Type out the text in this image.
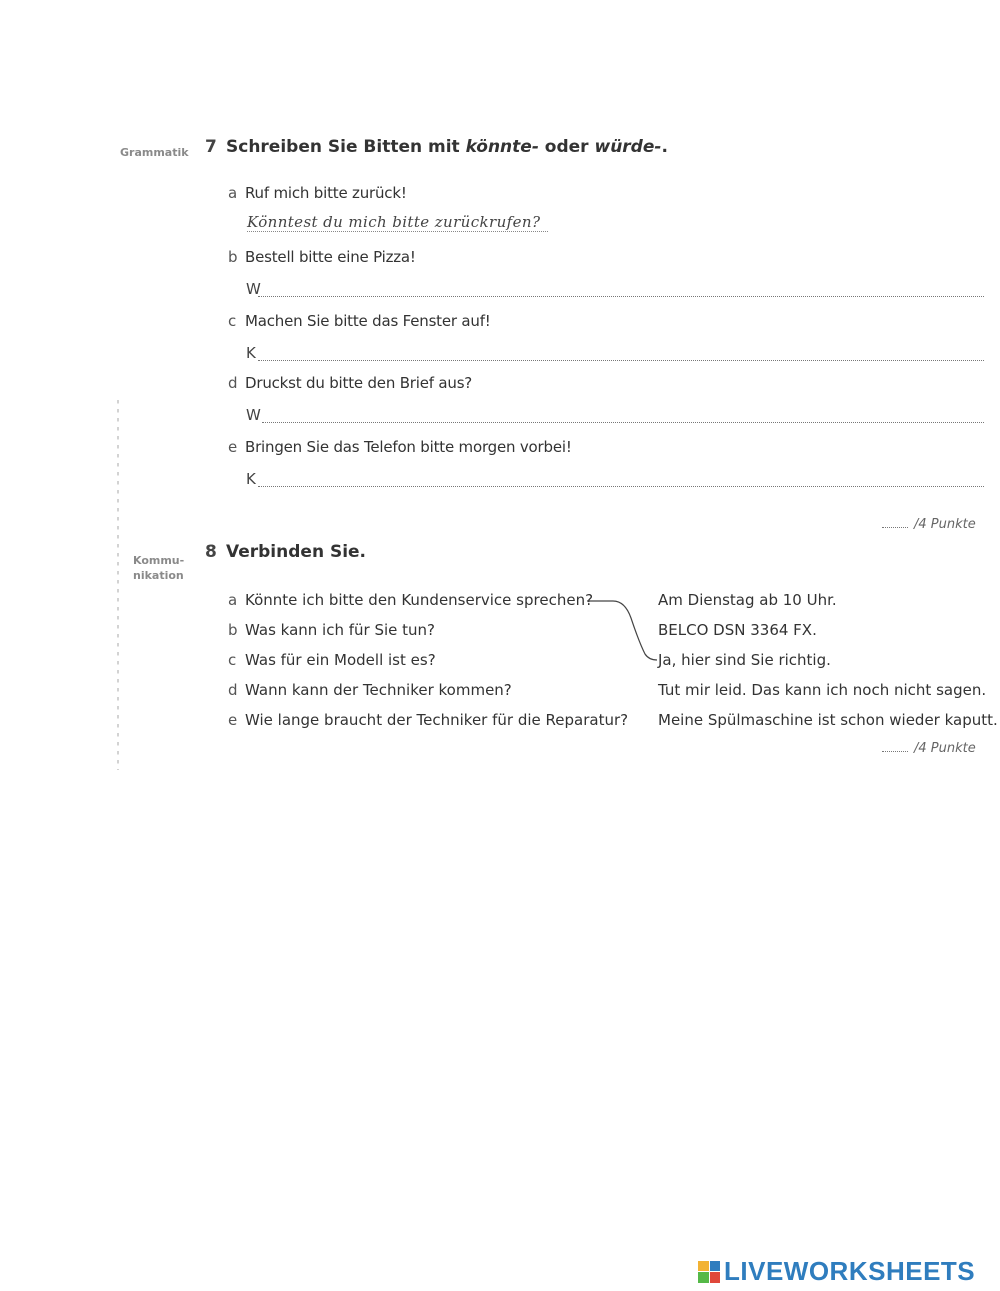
Grammatik 7 Schreiben Sie Bitten mit könnte- oder würde-.
a Ruf mich bitte zurück!
Könntest du mich bitte zurückrufen?
b Bestell bitte eine Pizza!
W
c Machen Sie bitte das Fenster auf!
K
d Druckst du bitte den Brief aus?
W
e Bringen Sie das Telefon bitte morgen vorbei!
K
/4 Punkte
Kommu-
nikation
8 Verbinden Sie.
a Könnte ich bitte den Kundenservice sprechen?
b Was kann ich für Sie tun?
c Was für ein Modell ist es?
d Wann kann der Techniker kommen?
e Wie lange braucht der Techniker für die Reparatur?
Am Dienstag ab 10 Uhr.
BELCO DSN 3364 FX.
Ja, hier sind Sie richtig.
Tut mir leid. Das kann ich noch nicht sagen.
Meine Spülmaschine ist schon wieder kaputt.
/4 Punkte
LIVEWORKSHEETS
